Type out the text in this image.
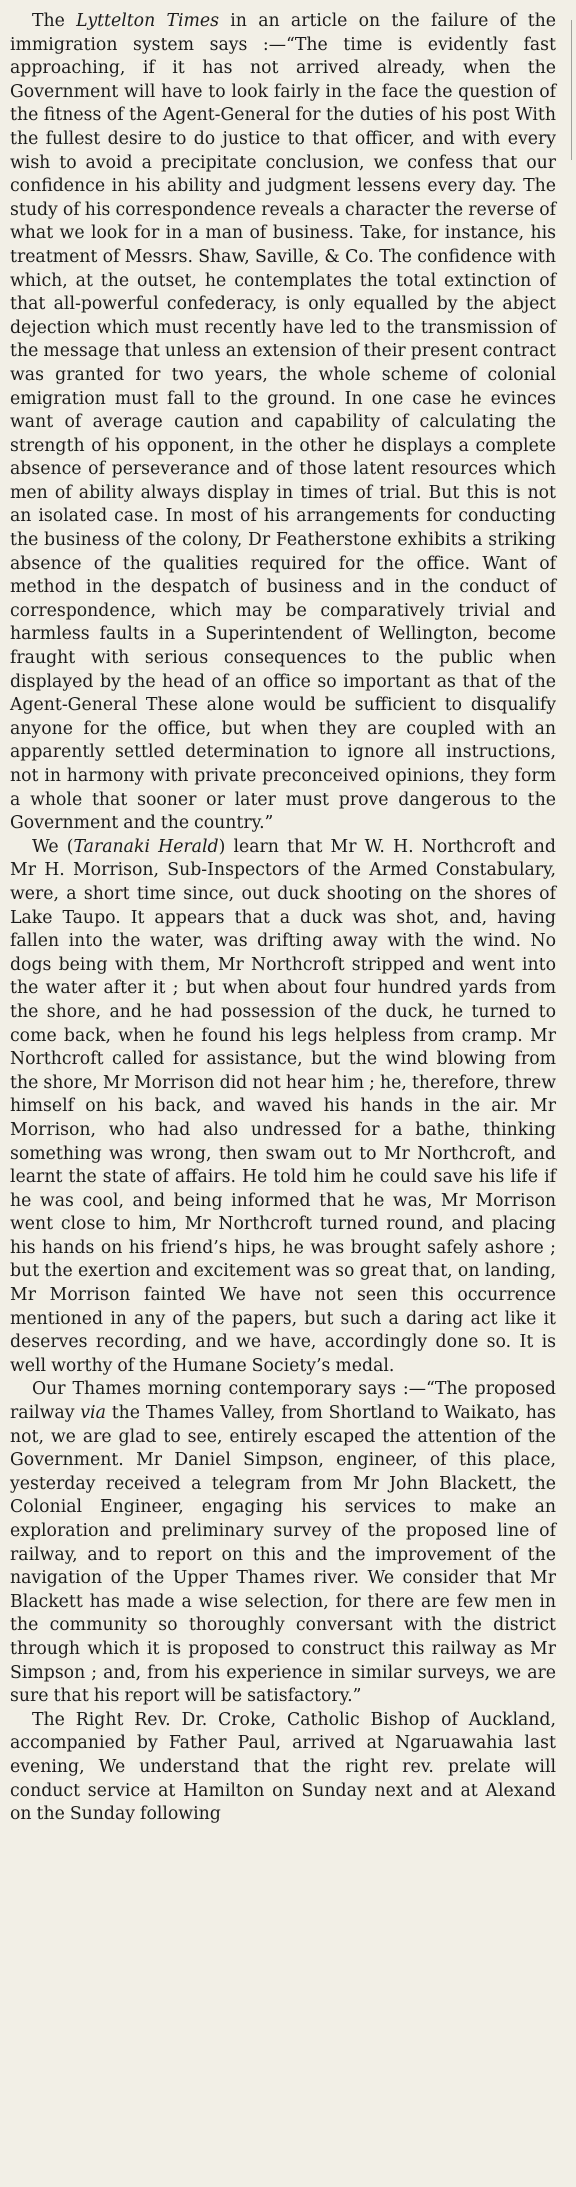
The Lyttelton Times in an article on the failure of the immigration system says :—“The time is evidently fast approaching, if it has not arrived already, when the Government will have to look fairly in the face the question of the fitness of the Agent-General for the duties of his post With the fullest desire to do justice to that officer, and with every wish to avoid a precipitate conclusion, we confess that our confidence in his ability and judgment lessens every day. The study of his correspondence reveals a character the reverse of what we look for in a man of business. Take, for instance, his treatment of Messrs. Shaw, Saville, & Co. The confidence with which, at the outset, he contemplates the total extinction of that all-powerful confederacy, is only equalled by the abject dejection which must recently have led to the transmission of the message that unless an extension of their present contract was granted for two years, the whole scheme of colonial emigration must fall to the ground. In one case he evinces want of average caution and capability of calculating the strength of his opponent, in the other he displays a complete absence of perseverance and of those latent resources which men of ability always display in times of trial. But this is not an isolated case. In most of his arrangements for conducting the business of the colony, Dr Featherstone exhibits a striking absence of the qualities required for the office. Want of method in the despatch of business and in the conduct of correspondence, which may be comparatively trivial and harmless faults in a Superintendent of Wellington, become fraught with serious consequences to the public when displayed by the head of an office so important as that of the Agent-General These alone would be sufficient to disqualify anyone for the office, but when they are coupled with an apparently settled determination to ignore all instructions, not in harmony with private preconceived opinions, they form a whole that sooner or later must prove dangerous to the Government and the country.”

We (Taranaki Herald) learn that Mr W. H. Northcroft and Mr H. Morrison, Sub-Inspectors of the Armed Constabulary, were, a short time since, out duck shooting on the shores of Lake Taupo. It appears that a duck was shot, and, having fallen into the water, was drifting away with the wind. No dogs being with them, Mr Northcroft stripped and went into the water after it ; but when about four hundred yards from the shore, and he had possession of the duck, he turned to come back, when he found his legs helpless from cramp. Mr Northcroft called for assistance, but the wind blowing from the shore, Mr Morrison did not hear him ; he, therefore, threw himself on his back, and waved his hands in the air. Mr Morrison, who had also undressed for a bathe, thinking something was wrong, then swam out to Mr Northcroft, and learnt the state of affairs. He told him he could save his life if he was cool, and being informed that he was, Mr Morrison went close to him, Mr Northcroft turned round, and placing his hands on his friend’s hips, he was brought safely ashore ; but the exertion and excitement was so great that, on landing, Mr Morrison fainted We have not seen this occurrence mentioned in any of the papers, but such a daring act like it deserves recording, and we have, accordingly done so. It is well worthy of the Humane Society’s medal.

Our Thames morning contemporary says :—“The proposed railway via the Thames Valley, from Shortland to Waikato, has not, we are glad to see, entirely escaped the attention of the Government. Mr Daniel Simpson, engineer, of this place, yesterday received a telegram from Mr John Blackett, the Colonial Engineer, engaging his services to make an exploration and preliminary survey of the proposed line of railway, and to report on this and the improvement of the navigation of the Upper Thames river. We consider that Mr Blackett has made a wise selection, for there are few men in the community so thoroughly conversant with the district through which it is proposed to construct this railway as Mr Simpson ; and, from his experience in similar surveys, we are sure that his report will be satisfactory.”

The Right Rev. Dr. Croke, Catholic Bishop of Auckland, accompanied by Father Paul, arrived at Ngaruawahia last evening, We understand that the right rev. prelate will conduct service at Hamilton on Sunday next and at Alexand on the Sunday following
